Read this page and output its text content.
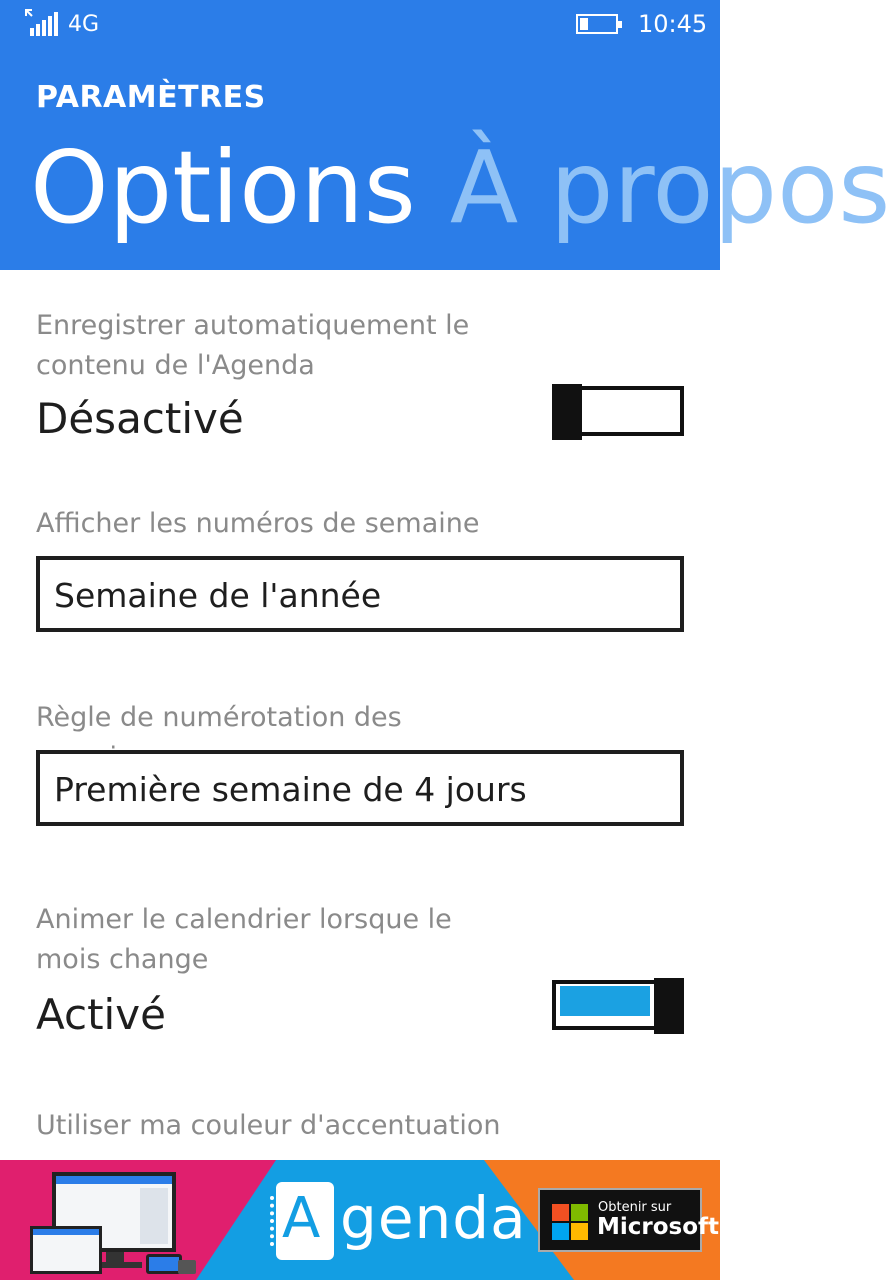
4G	10:45
PARAMÈTRES
Options À propos
Enregistrer automatiquement le contenu de l'Agenda
Désactivé
Afficher les numéros de semaine
Semaine de l'année
Règle de numérotation des
Première semaine de 4 jours
Animer le calendrier lorsque le mois change
Activé
Utiliser ma couleur d'accentuation
A genda	Obtenir sur
Microsoft
